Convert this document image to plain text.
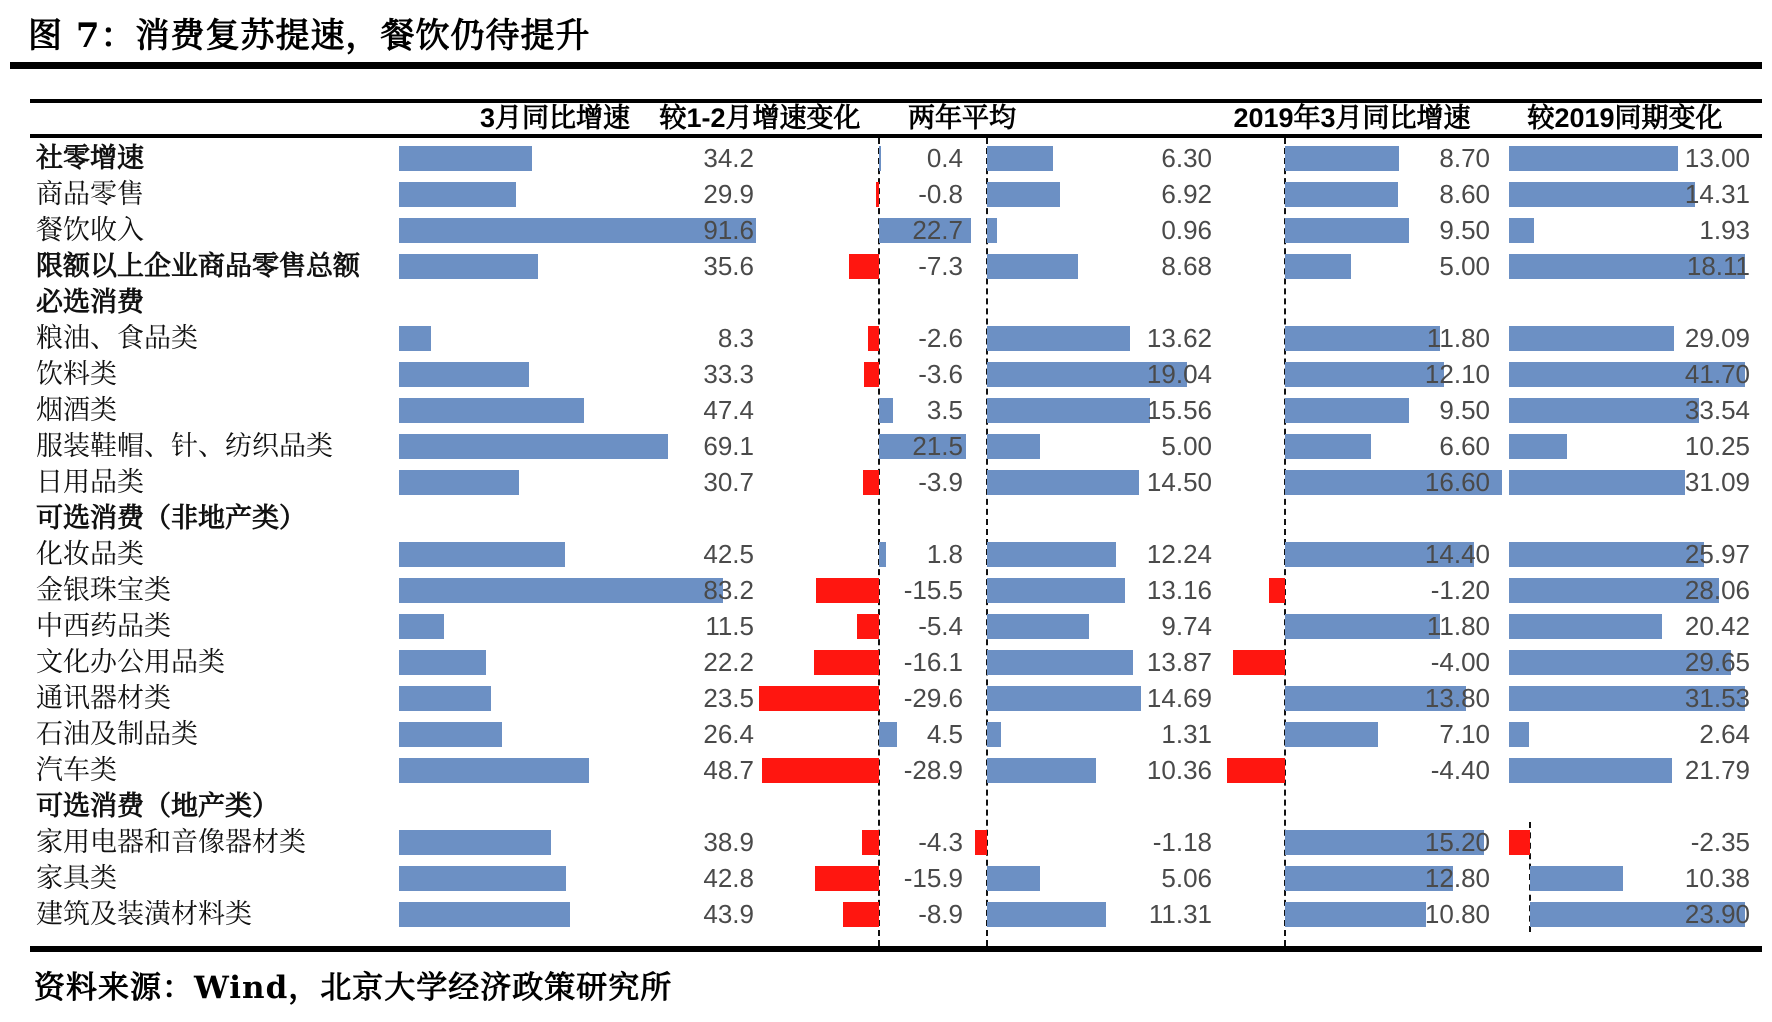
图 7：消费复苏提速，餐饮仍待提升
3月同比增速	较1-2月增速变化	两年平均	2019年3月同比增速	较2019同期变化
社零增速	34.2	0.4	6.30	8.70	13.00
商品零售	29.9	-0.8	6.92	8.60	14.31
餐饮收入	91.6	22.7	0.96	9.50	1.93
限额以上企业商品零售总额	35.6	-7.3	8.68	5.00	18.11
必选消费
粮油、食品类	8.3	-2.6	13.62	11.80	29.09
饮料类	33.3	-3.6	19.04	12.10	41.70
烟酒类	47.4	3.5	15.56	9.50	33.54
服装鞋帽、针、纺织品类	69.1	21.5	5.00	6.60	10.25
日用品类	30.7	-3.9	14.50	16.60	31.09
可选消费（非地产类）
化妆品类	42.5	1.8	12.24	14.40	25.97
金银珠宝类	83.2	-15.5	13.16	-1.20	28.06
中西药品类	11.5	-5.4	9.74	11.80	20.42
文化办公用品类	22.2	-16.1	13.87	-4.00	29.65
通讯器材类	23.5	-29.6	14.69	13.80	31.53
石油及制品类	26.4	4.5	1.31	7.10	2.64
汽车类	48.7	-28.9	10.36	-4.40	21.79
可选消费（地产类）
家用电器和音像器材类	38.9	-4.3	-1.18	15.20	-2.35
家具类	42.8	-15.9	5.06	12.80	10.38
建筑及装潢材料类	43.9	-8.9	11.31	10.80	23.90
资料来源：Wind，北京大学经济政策研究所
